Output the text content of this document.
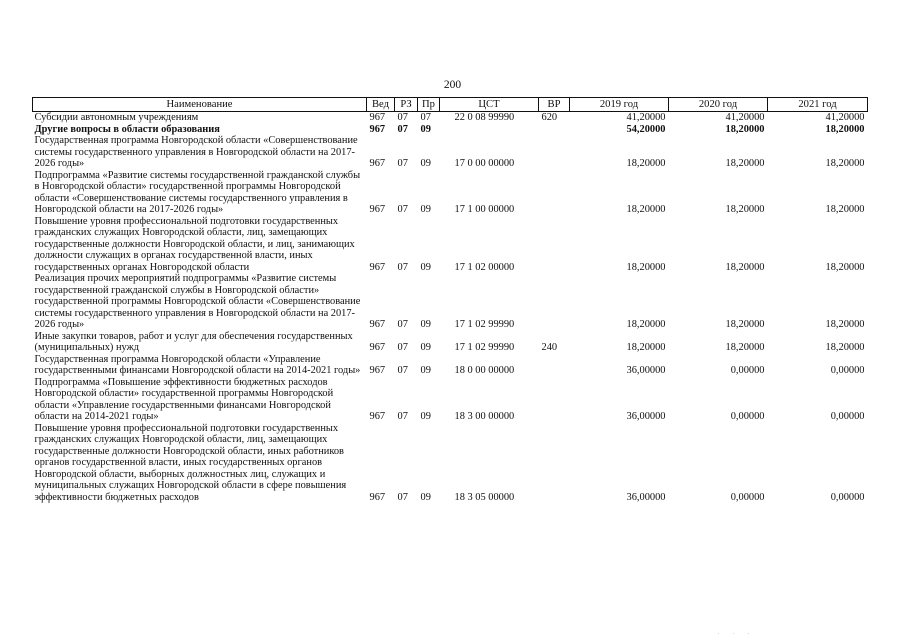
200
Наименование	Вед	РЗ	Пр	ЦСТ	ВР	2019 год	2020 год	2021 год
Субсидии автономным учреждениям	967	07	07	22 0 08 99990	620	41,20000	41,20000	41,20000
Другие вопросы в области образования	967	07	09			54,20000	18,20000	18,20000
Государственная программа Новгородской области «Совершенствование системы государственного управления в Новгородской области на 2017-2026 годы»	967	07	09	17 0 00 00000		18,20000	18,20000	18,20000
Подпрограмма «Развитие системы государственной гражданской службы в Новгородской области» государственной программы Новгородской области «Совершенствование системы государственного управления в Новгородской области на 2017-2026 годы»	967	07	09	17 1 00 00000		18,20000	18,20000	18,20000
Повышение уровня профессиональной подготовки государственных гражданских служащих Новгородской области, лиц, замещающих государственные должности Новгородской области, и лиц, занимающих должности служащих в органах государственной власти, иных государственных органах Новгородской области	967	07	09	17 1 02 00000		18,20000	18,20000	18,20000
Реализация прочих мероприятий подпрограммы «Развитие системы государственной гражданской службы в Новгородской области» государственной программы Новгородской области «Совершенствование системы государственного управления в Новгородской области на 2017-2026 годы»	967	07	09	17 1 02 99990		18,20000	18,20000	18,20000
Иные закупки товаров, работ и услуг для обеспечения государственных (муниципальных) нужд	967	07	09	17 1 02 99990	240	18,20000	18,20000	18,20000
Государственная программа Новгородской области «Управление государственными финансами Новгородской области на 2014-2021 годы»	967	07	09	18 0 00 00000		36,00000	0,00000	0,00000
Подпрограмма «Повышение эффективности бюджетных расходов Новгородской области» государственной программы Новгородской области «Управление государственными финансами Новгородской области на 2014-2021 годы»	967	07	09	18 3 00 00000		36,00000	0,00000	0,00000
Повышение уровня профессиональной подготовки государственных гражданских служащих Новгородской области, лиц, замещающих государственные должности Новгородской области, иных работников органов государственной власти, иных государственных органов Новгородской области, выборных должностных лиц, служащих и муниципальных служащих Новгородской области в сфере повышения эффективности бюджетных расходов	967	07	09	18 3 05 00000		36,00000	0,00000	0,00000
. . .
